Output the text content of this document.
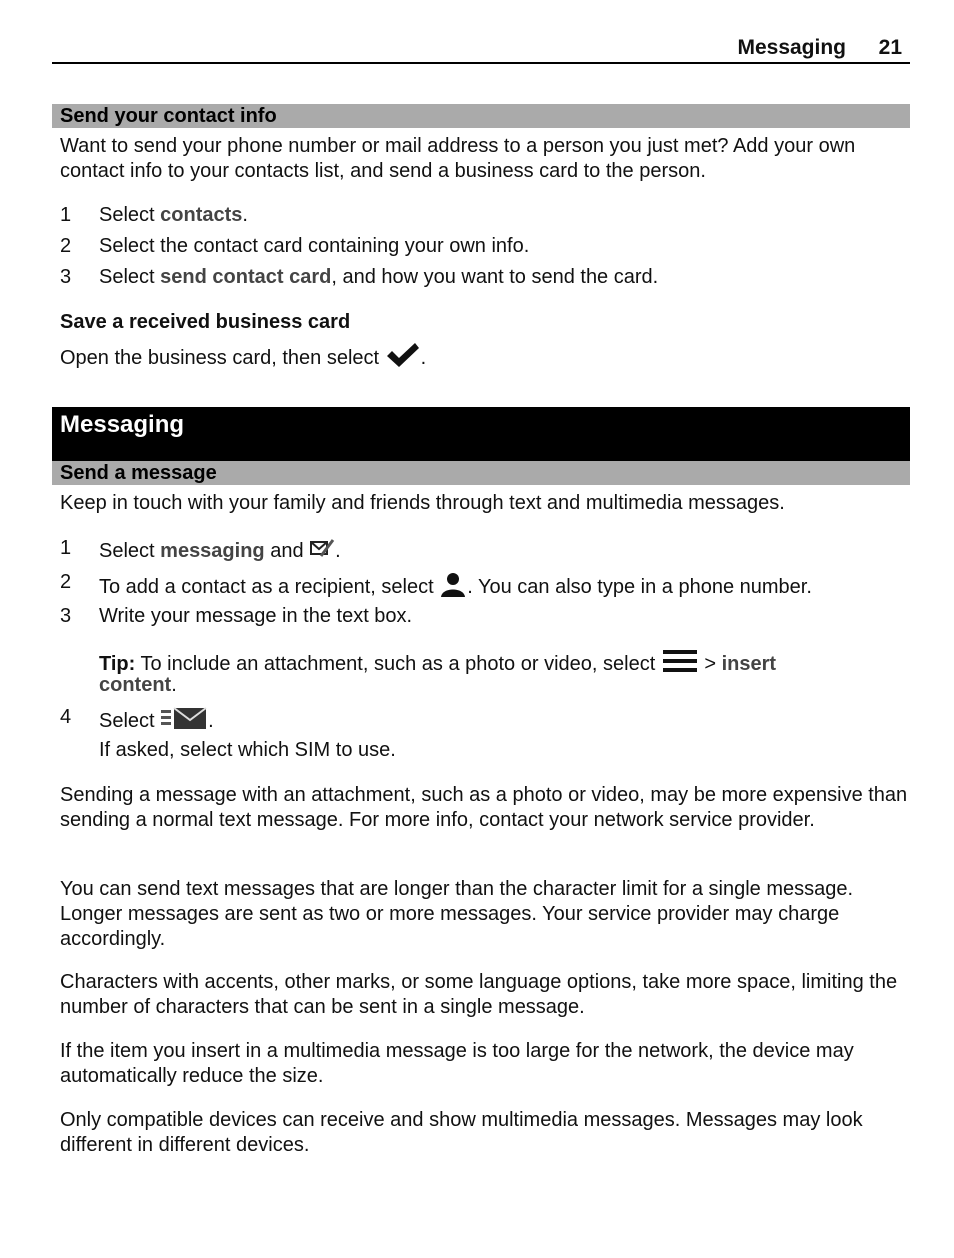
Messaging 21
Send your contact info
Want to send your phone number or mail address to a person you just met? Add your own contact info to your contacts list, and send a business card to the person.
1 Select contacts.
2 Select the contact card containing your own info.
3 Select send contact card, and how you want to send the card.
Save a received business card
Open the business card, then select .
Messaging
Send a message
Keep in touch with your family and friends through text and multimedia messages.
1 Select messaging and .
2 To add a contact as a recipient, select . You can also type in a phone number.
3 Write your message in the text box.
Tip: To include an attachment, such as a photo or video, select  > insert
content.
4 Select .
If asked, select which SIM to use.
Sending a message with an attachment, such as a photo or video, may be more expensive than sending a normal text message. For more info, contact your network service provider.
You can send text messages that are longer than the character limit for a single message. Longer messages are sent as two or more messages. Your service provider may charge accordingly.
Characters with accents, other marks, or some language options, take more space, limiting the number of characters that can be sent in a single message.
If the item you insert in a multimedia message is too large for the network, the device may automatically reduce the size.
Only compatible devices can receive and show multimedia messages. Messages may look different in different devices.
